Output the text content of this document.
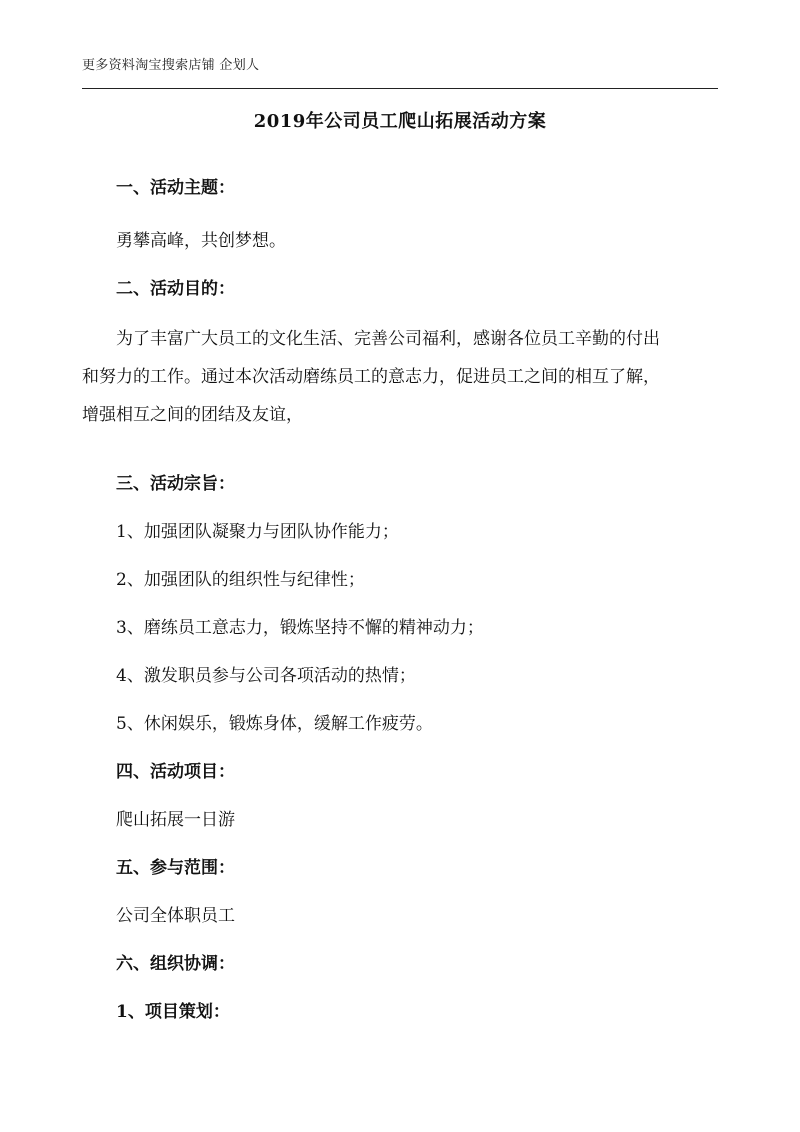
更多资料淘宝搜索店铺 企划人
2019年公司员工爬山拓展活动方案
一、活动主题：
勇攀高峰，共创梦想。
二、活动目的：
为了丰富广大员工的文化生活、完善公司福利，感谢各位员工辛勤的付出
和努力的工作。通过本次活动磨练员工的意志力，促进员工之间的相互了解，
增强相互之间的团结及友谊，
三、活动宗旨：
1、加强团队凝聚力与团队协作能力；
2、加强团队的组织性与纪律性；
3、磨练员工意志力，锻炼坚持不懈的精神动力；
4、激发职员参与公司各项活动的热情；
5、休闲娱乐，锻炼身体，缓解工作疲劳。
四、活动项目：
爬山拓展一日游
五、参与范围：
公司全体职员工
六、组织协调：
1、项目策划：
